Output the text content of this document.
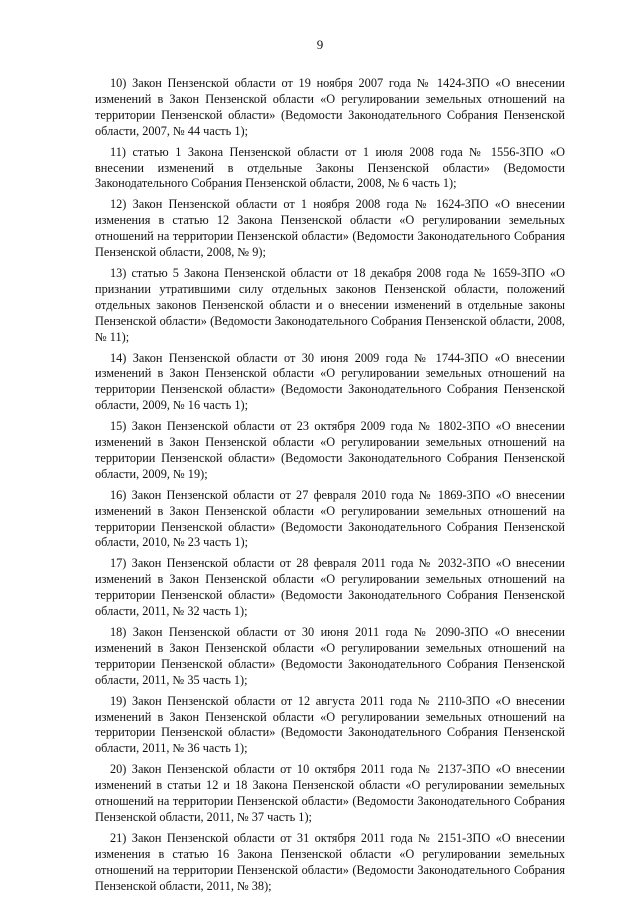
9

10) Закон Пензенской области от 19 ноября 2007 года № 1424-ЗПО «О внесении изменений в Закон Пензенской области «О регулировании земельных отношений на территории Пензенской области» (Ведомости Законодательного Собрания Пензенской области, 2007, № 44 часть 1);

11) статью 1 Закона Пензенской области от 1 июля 2008 года № 1556-ЗПО «О внесении изменений в отдельные Законы Пензенской области» (Ведомости Законодательного Собрания Пензенской области, 2008, № 6 часть 1);

12) Закон Пензенской области от 1 ноября 2008 года № 1624-ЗПО «О внесении изменения в статью 12 Закона Пензенской области «О регулировании земельных отношений на территории Пензенской области» (Ведомости Законодательного Собрания Пензенской области, 2008, № 9);

13) статью 5 Закона Пензенской области от 18 декабря 2008 года № 1659-ЗПО «О признании утратившими силу отдельных законов Пензенской области, положений отдельных законов Пензенской области и о внесении изменений в отдельные законы Пензенской области» (Ведомости Законодательного Собрания Пензенской области, 2008, № 11);

14) Закон Пензенской области от 30 июня 2009 года № 1744-ЗПО «О внесении изменений в Закон Пензенской области «О регулировании земельных отношений на территории Пензенской области» (Ведомости Законодательного Собрания Пензенской области, 2009, № 16 часть 1);

15) Закон Пензенской области от 23 октября 2009 года № 1802-ЗПО «О внесении изменений в Закон Пензенской области «О регулировании земельных отношений на территории Пензенской области» (Ведомости Законодательного Собрания Пензенской области, 2009, № 19);

16) Закон Пензенской области от 27 февраля 2010 года № 1869-ЗПО «О внесении изменений в Закон Пензенской области «О регулировании земельных отношений на территории Пензенской области» (Ведомости Законодательного Собрания Пензенской области, 2010, № 23 часть 1);

17) Закон Пензенской области от 28 февраля 2011 года № 2032-ЗПО «О внесении изменений в Закон Пензенской области «О регулировании земельных отношений на территории Пензенской области» (Ведомости Законодательного Собрания Пензенской области, 2011, № 32 часть 1);

18) Закон Пензенской области от 30 июня 2011 года № 2090-ЗПО «О внесении изменений в Закон Пензенской области «О регулировании земельных отношений на территории Пензенской области» (Ведомости Законодательного Собрания Пензенской области, 2011, № 35 часть 1);

19) Закон Пензенской области от 12 августа 2011 года № 2110-ЗПО «О внесении изменений в Закон Пензенской области «О регулировании земельных отношений на территории Пензенской области» (Ведомости Законодательного Собрания Пензенской области, 2011, № 36 часть 1);

20) Закон Пензенской области от 10 октября 2011 года № 2137-ЗПО «О внесении изменений в статьи 12 и 18 Закона Пензенской области «О регулировании земельных отношений на территории Пензенской области» (Ведомости Законодательного Собрания Пензенской области, 2011, № 37 часть 1);

21) Закон Пензенской области от 31 октября 2011 года № 2151-ЗПО «О внесении изменения в статью 16 Закона Пензенской области «О регулировании земельных отношений на территории Пензенской области» (Ведомости Законодательного Собрания Пензенской области, 2011, № 38);
